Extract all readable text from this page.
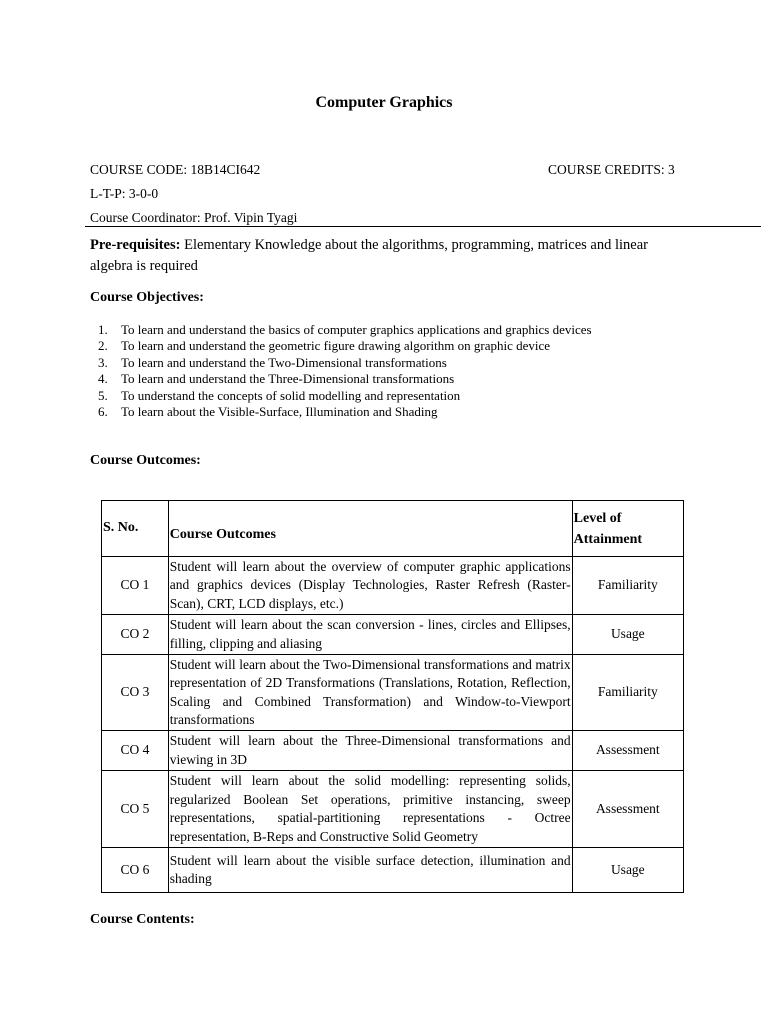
Computer Graphics
COURSE CODE: 18B14CI642	COURSE CREDITS: 3
L-T-P: 3-0-0
Course Coordinator: Prof. Vipin Tyagi
Pre-requisites: Elementary Knowledge about the algorithms, programming, matrices and linear algebra is required
Course Objectives:
1.	To learn and understand the basics of computer graphics applications and graphics devices
2.	To learn and understand the geometric figure drawing algorithm on graphic device
3.	To learn and understand the Two-Dimensional transformations
4.	To learn and understand the Three-Dimensional transformations
5.	To understand the concepts of solid modelling and representation
6.	To learn about the Visible-Surface, Illumination and Shading
Course Outcomes:
S. No.	Course Outcomes	Level of Attainment
CO 1	Student will learn about the overview of computer graphic applications and graphics devices (Display Technologies, Raster Refresh (Raster-Scan), CRT, LCD displays, etc.)	Familiarity
CO 2	Student will learn about the scan conversion - lines, circles and Ellipses, filling, clipping and aliasing	Usage
CO 3	Student will learn about the Two-Dimensional transformations and matrix representation of 2D Transformations (Translations, Rotation, Reflection, Scaling and Combined Transformation) and Window-to-Viewport transformations	Familiarity
CO 4	Student will learn about the Three-Dimensional transformations and viewing in 3D	Assessment
CO 5	Student will learn about the solid modelling: representing solids, regularized Boolean Set operations, primitive instancing, sweep representations, spatial-partitioning representations - Octree representation, B-Reps and Constructive Solid Geometry	Assessment
CO 6	Student will learn about the visible surface detection, illumination and shading	Usage
Course Contents:
